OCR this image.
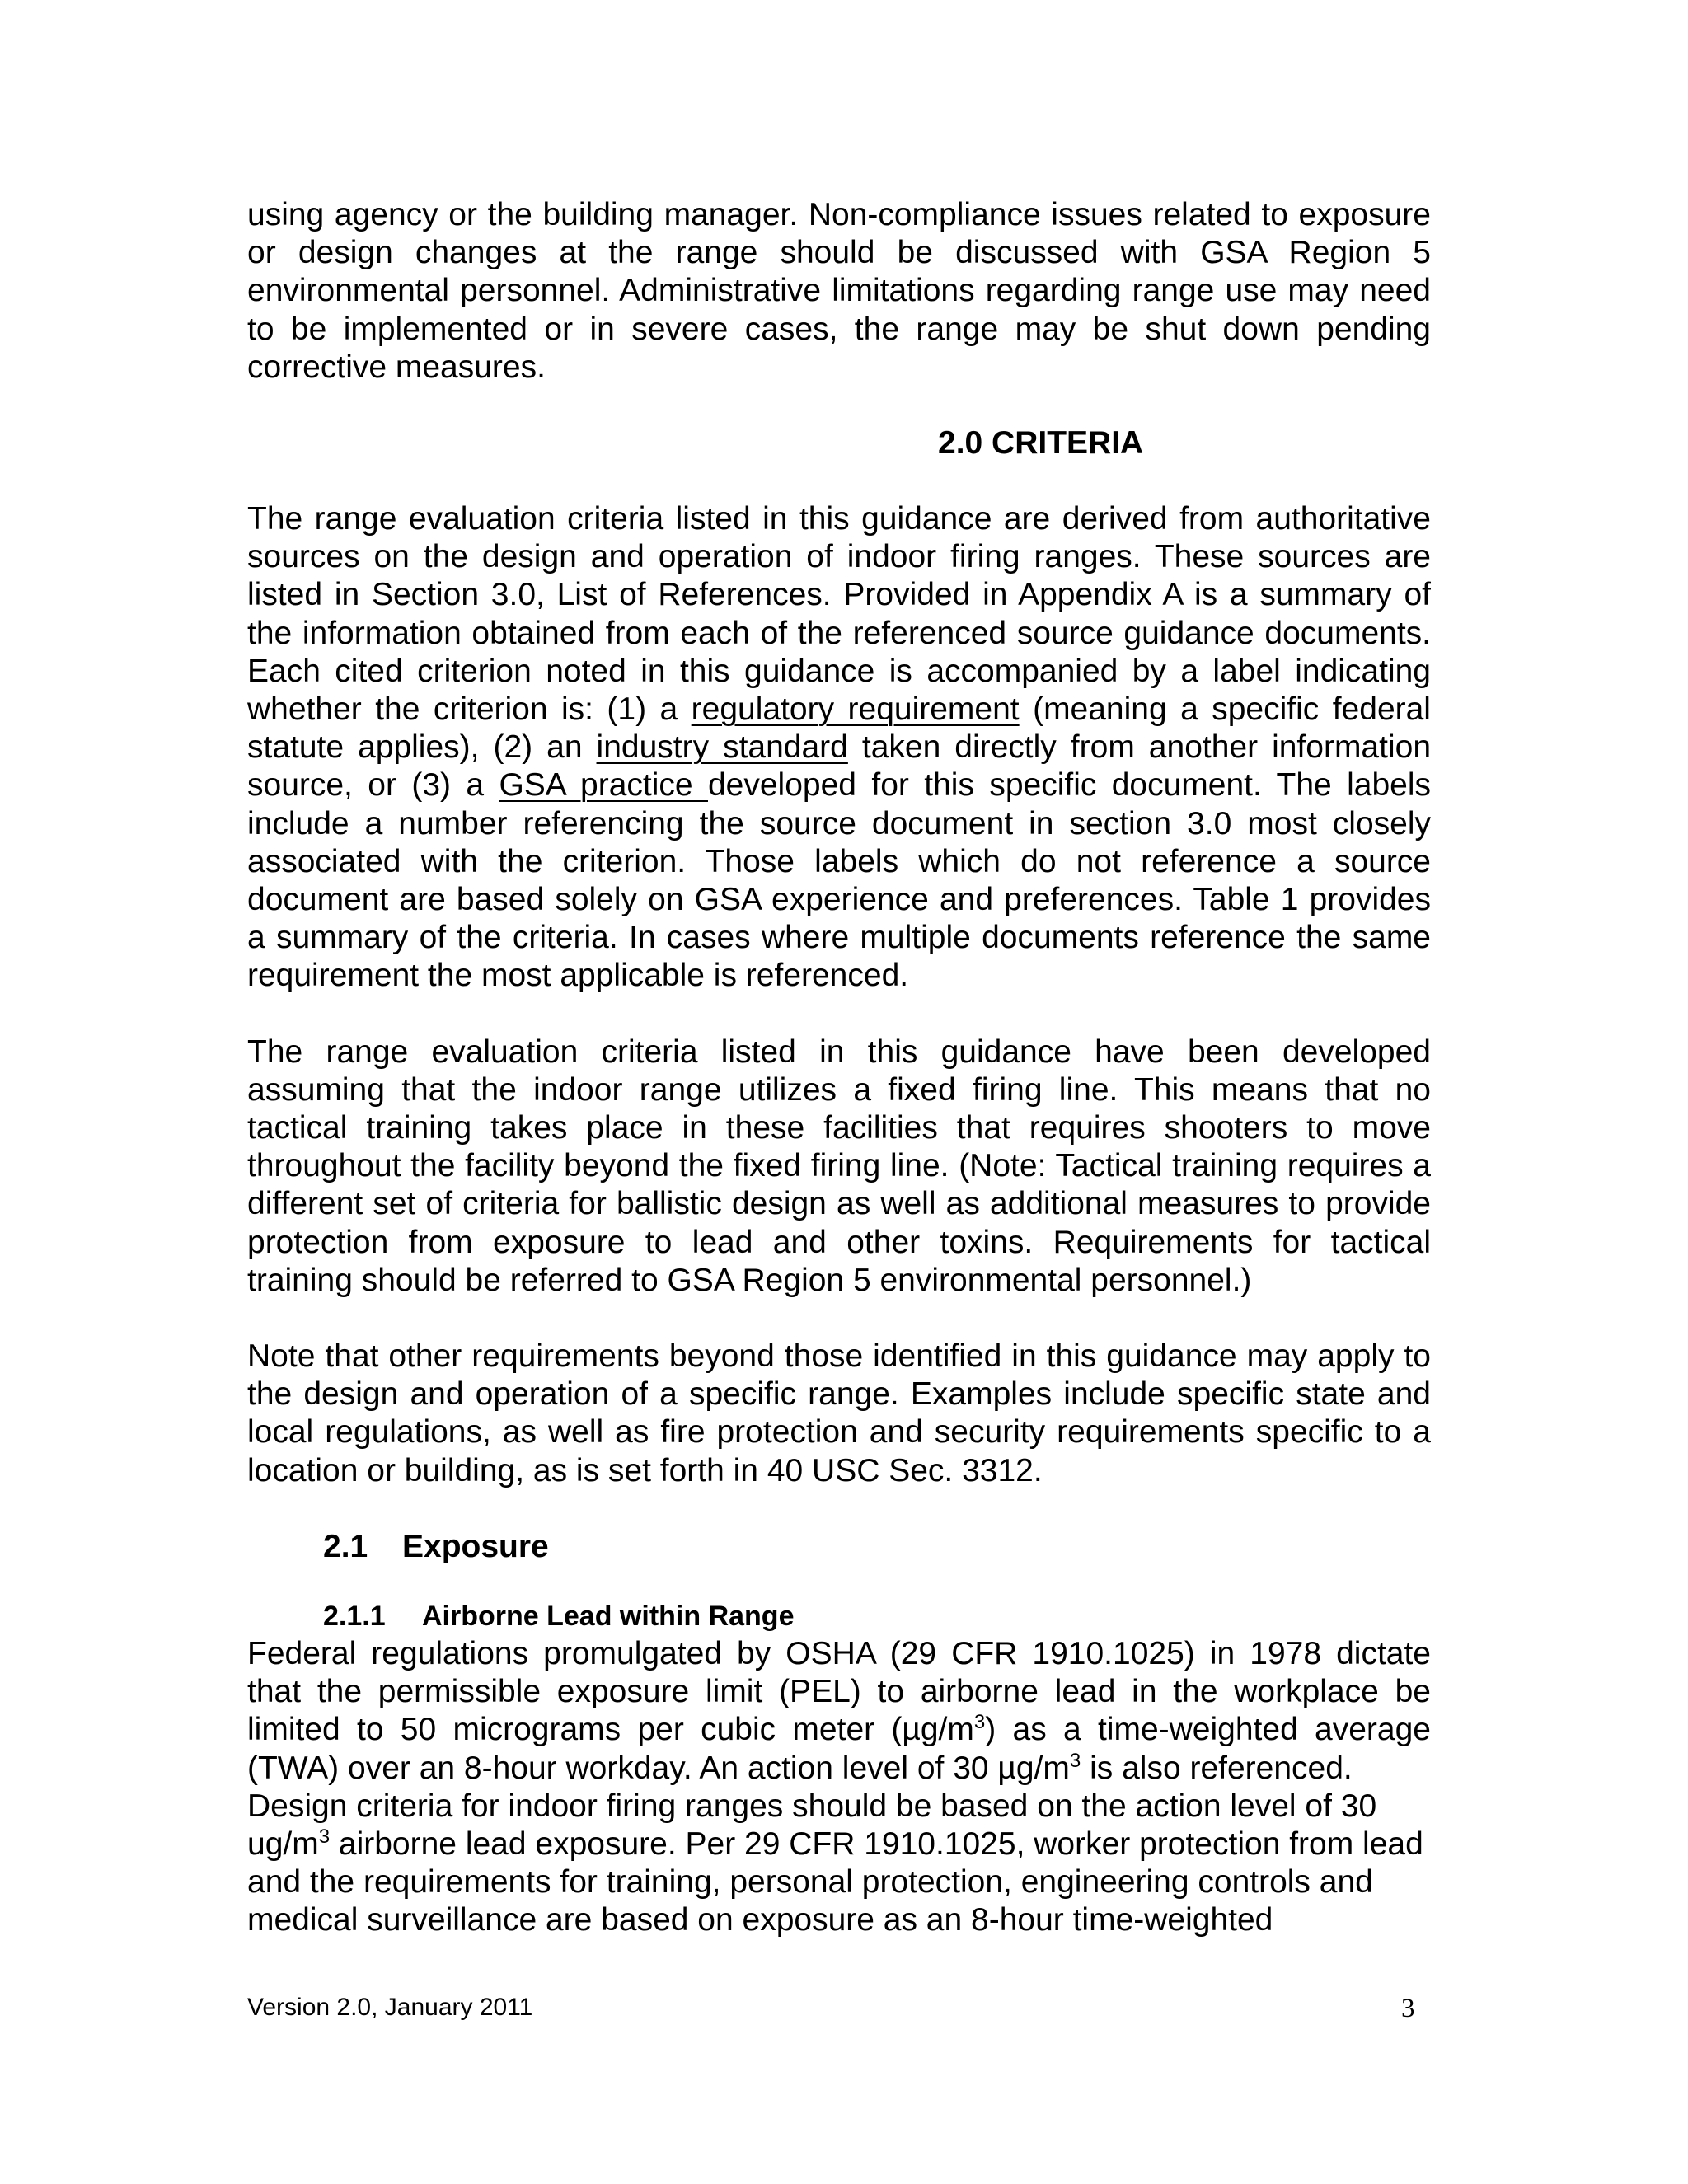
using agency or the building manager. Non-compliance issues related to exposure or design changes at the range should be discussed with GSA Region 5 environmental personnel. Administrative limitations regarding range use may need to be implemented or in severe cases, the range may be shut down pending corrective measures.

2.0 CRITERIA

The range evaluation criteria listed in this guidance are derived from authoritative sources on the design and operation of indoor firing ranges. These sources are listed in Section 3.0, List of References. Provided in Appendix A is a summary of the information obtained from each of the referenced source guidance documents. Each cited criterion noted in this guidance is accompanied by a label indicating whether the criterion is: (1) a regulatory requirement (meaning a specific federal statute applies), (2) an industry standard taken directly from another information source, or (3) a GSA practice developed for this specific document. The labels include a number referencing the source document in section 3.0 most closely associated with the criterion. Those labels which do not reference a source document are based solely on GSA experience and preferences. Table 1 provides a summary of the criteria. In cases where multiple documents reference the same requirement the most applicable is referenced.

The range evaluation criteria listed in this guidance have been developed assuming that the indoor range utilizes a fixed firing line. This means that no tactical training takes place in these facilities that requires shooters to move throughout the facility beyond the fixed firing line. (Note: Tactical training requires a different set of criteria for ballistic design as well as additional measures to provide protection from exposure to lead and other toxins. Requirements for tactical training should be referred to GSA Region 5 environmental personnel.)

Note that other requirements beyond those identified in this guidance may apply to the design and operation of a specific range. Examples include specific state and local regulations, as well as fire protection and security requirements specific to a location or building, as is set forth in 40 USC Sec. 3312.

2.1 Exposure

2.1.1 Airborne Lead within Range

Federal regulations promulgated by OSHA (29 CFR 1910.1025) in 1978 dictate that the permissible exposure limit (PEL) to airborne lead in the workplace be limited to 50 micrograms per cubic meter $(\mu g/m^3)$ as a time-weighted average (TWA) over an 8-hour workday. An action level of 30 $\mu g/m^3$ is also referenced.

Design criteria for indoor firing ranges should be based on the action level of 30 $ug/m^3$ airborne lead exposure. Per 29 CFR 1910.1025, worker protection from lead and the requirements for training, personal protection, engineering controls and medical surveillance are based on exposure as an 8-hour time-weighted

Version 2.0, January 2011	3
